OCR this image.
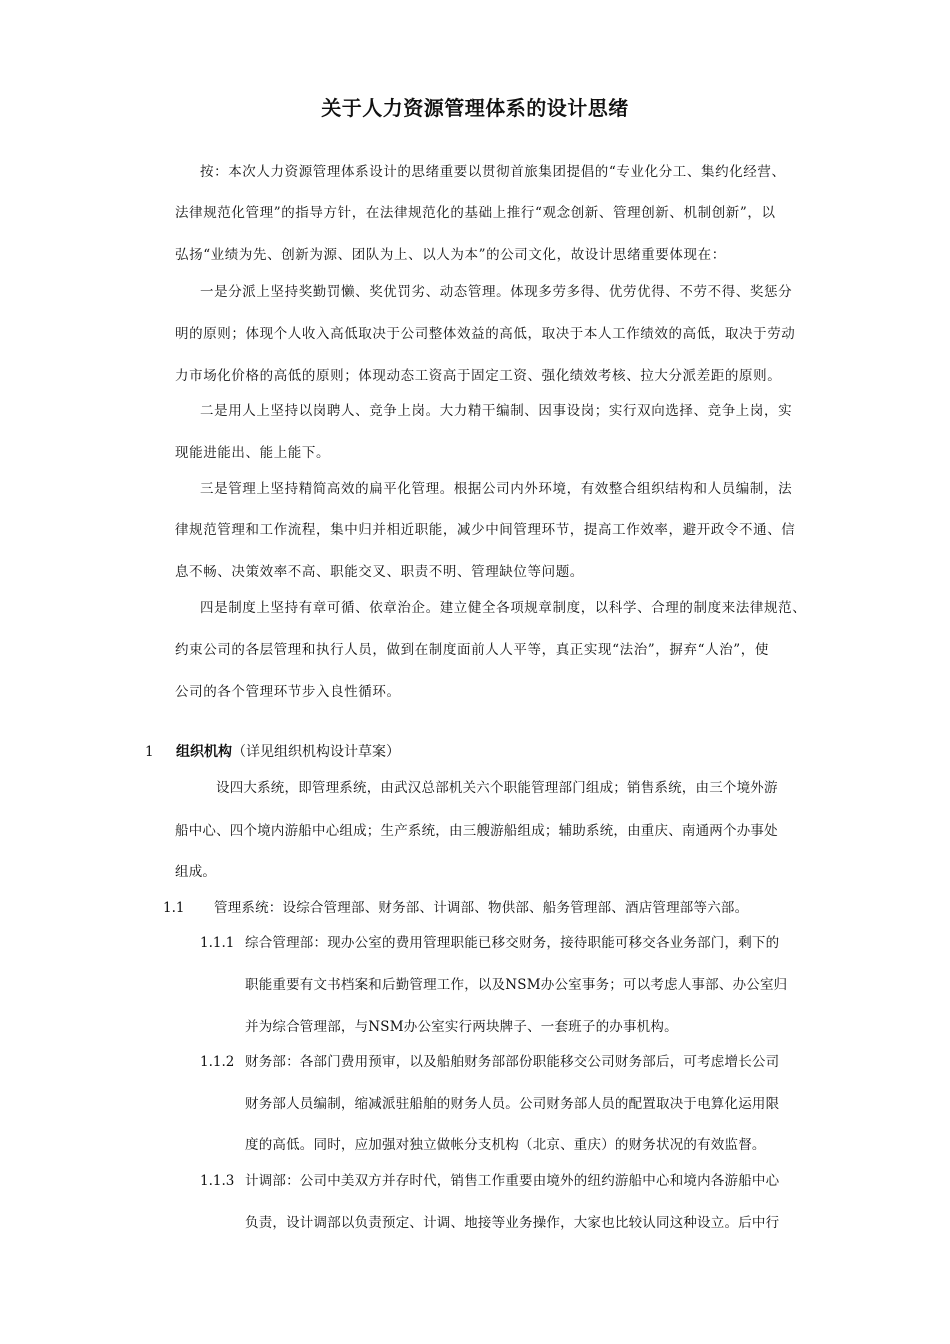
关于人力资源管理体系的设计思绪
按：本次人力资源管理体系设计的思绪重要以贯彻首旅集团提倡的“专业化分工、集约化经营、
法律规范化管理”的指导方针，在法律规范化的基础上推行“观念创新、管理创新、机制创新”，以
弘扬“业绩为先、创新为源、团队为上、以人为本”的公司文化，故设计思绪重要体现在：
一是分派上坚持奖勤罚懒、奖优罚劣、动态管理。体现多劳多得、优劳优得、不劳不得、奖惩分
明的原则；体现个人收入高低取决于公司整体效益的高低，取决于本人工作绩效的高低，取决于劳动
力市场化价格的高低的原则；体现动态工资高于固定工资、强化绩效考核、拉大分派差距的原则。
二是用人上坚持以岗聘人、竞争上岗。大力精干编制、因事设岗；实行双向选择、竞争上岗，实
现能进能出、能上能下。
三是管理上坚持精简高效的扁平化管理。根据公司内外环境，有效整合组织结构和人员编制，法
律规范管理和工作流程，集中归并相近职能，减少中间管理环节，提高工作效率，避开政令不通、信
息不畅、决策效率不高、职能交叉、职责不明、管理缺位等问题。
四是制度上坚持有章可循、依章治企。建立健全各项规章制度，以科学、合理的制度来法律规范、
约束公司的各层管理和执行人员，做到在制度面前人人平等，真正实现“法治”，摒弃“人治”，使
公司的各个管理环节步入良性循环。
1 组织机构（详见组织机构设计草案）
设四大系统，即管理系统，由武汉总部机关六个职能管理部门组成；销售系统，由三个境外游
船中心、四个境内游船中心组成；生产系统，由三艘游船组成；辅助系统，由重庆、南通两个办事处
组成。
1.1 管理系统：设综合管理部、财务部、计调部、物供部、船务管理部、酒店管理部等六部。
1.1.1 综合管理部：现办公室的费用管理职能已移交财务，接待职能可移交各业务部门，剩下的
职能重要有文书档案和后勤管理工作，以及NSM办公室事务；可以考虑人事部、办公室归
并为综合管理部，与NSM办公室实行两块牌子、一套班子的办事机构。
1.1.2 财务部：各部门费用预审，以及船舶财务部部份职能移交公司财务部后，可考虑增长公司
财务部人员编制，缩减派驻船舶的财务人员。公司财务部人员的配置取决于电算化运用限
度的高低。同时，应加强对独立做帐分支机构（北京、重庆）的财务状况的有效监督。
1.1.3 计调部：公司中美双方并存时代，销售工作重要由境外的纽约游船中心和境内各游船中心
负责，设计调部以负责预定、计调、地接等业务操作，大家也比较认同这种设立。后中行
